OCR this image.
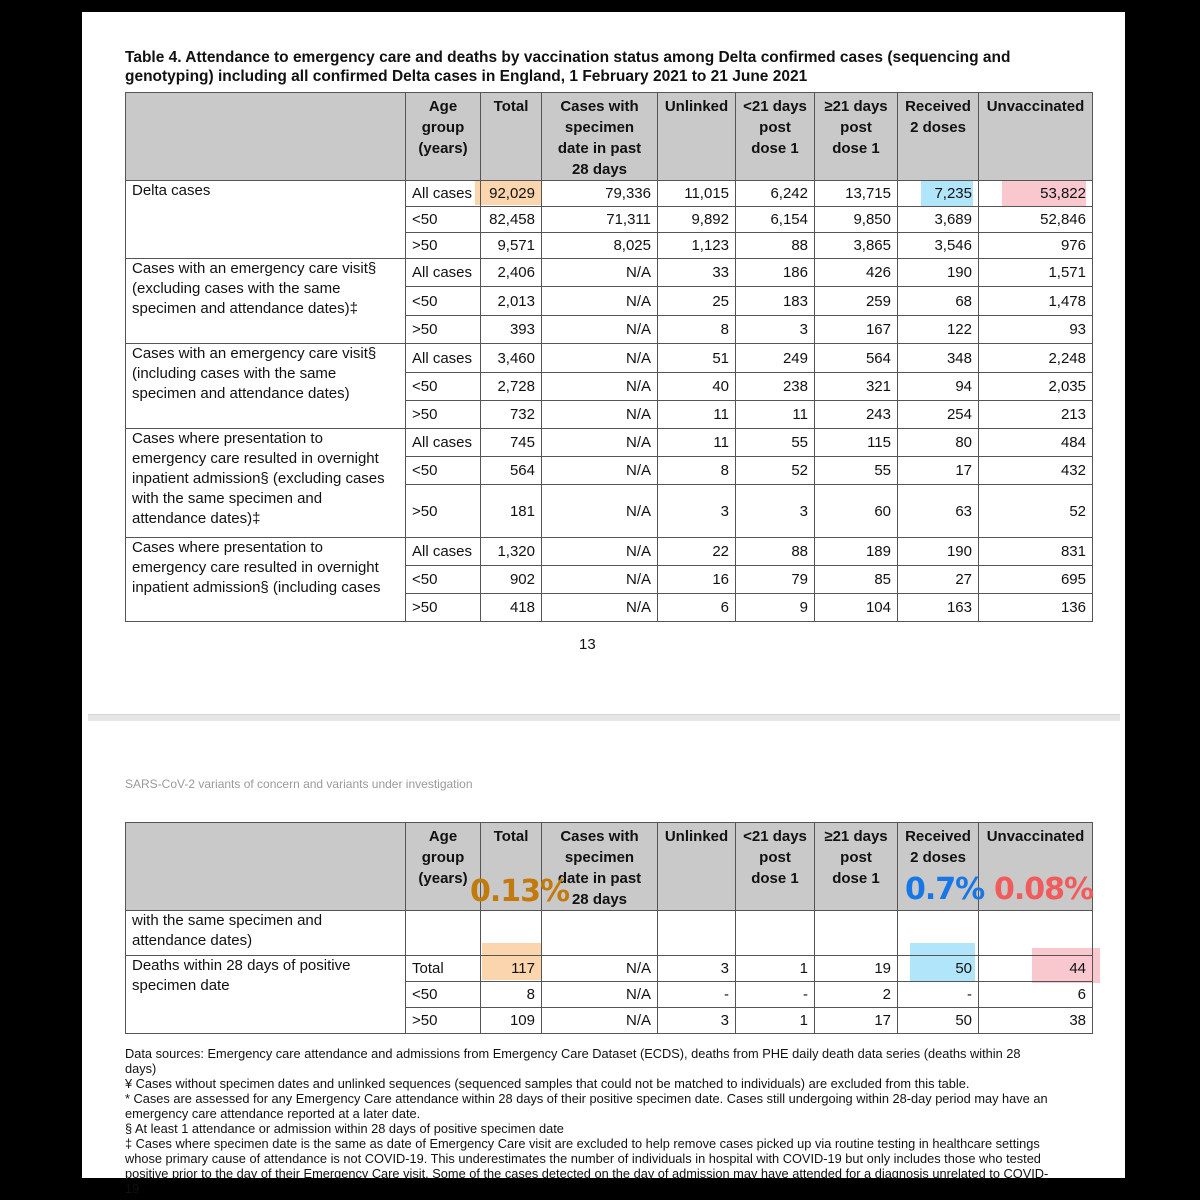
Table 4. Attendance to emergency care and deaths by vaccination status among Delta confirmed cases (sequencing and genotyping) including all confirmed Delta cases in England, 1 February 2021 to 21 June 2021
	Age group (years)	Total	Cases with specimen date in past 28 days	Unlinked	<21 days post dose 1	≥21 days post dose 1	Received 2 doses	Unvaccinated
Delta cases	All cases	92,029	79,336	11,015	6,242	13,715	7,235	53,822
	<50	82,458	71,311	9,892	6,154	9,850	3,689	52,846
	>50	9,571	8,025	1,123	88	3,865	3,546	976
Cases with an emergency care visit§ (excluding cases with the same specimen and attendance dates)‡	All cases	2,406	N/A	33	186	426	190	1,571
	<50	2,013	N/A	25	183	259	68	1,478
	>50	393	N/A	8	3	167	122	93
Cases with an emergency care visit§ (including cases with the same specimen and attendance dates)	All cases	3,460	N/A	51	249	564	348	2,248
	<50	2,728	N/A	40	238	321	94	2,035
	>50	732	N/A	11	11	243	254	213
Cases where presentation to emergency care resulted in overnight inpatient admission§ (excluding cases with the same specimen and attendance dates)‡	All cases	745	N/A	11	55	115	80	484
	<50	564	N/A	8	52	55	17	432
	>50	181	N/A	3	3	60	63	52
Cases where presentation to emergency care resulted in overnight inpatient admission§ (including cases	All cases	1,320	N/A	22	88	189	190	831
	<50	902	N/A	16	79	85	27	695
	>50	418	N/A	6	9	104	163	136
13
SARS-CoV-2 variants of concern and variants under investigation
	Age group (years)	Total	Cases with specimen date in past 28 days	Unlinked	<21 days post dose 1	≥21 days post dose 1	Received 2 doses	Unvaccinated
with the same specimen and attendance dates)								
Deaths within 28 days of positive specimen date	Total	117	N/A	3	1	19	50	44
	<50	8	N/A	-	-	2	-	6
	>50	109	N/A	3	1	17	50	38
Data sources: Emergency care attendance and admissions from Emergency Care Dataset (ECDS), deaths from PHE daily death data series (deaths within 28 days)
¥ Cases without specimen dates and unlinked sequences (sequenced samples that could not be matched to individuals) are excluded from this table.
* Cases are assessed for any Emergency Care attendance within 28 days of their positive specimen date. Cases still undergoing within 28-day period may have an emergency care attendance reported at a later date.
§ At least 1 attendance or admission within 28 days of positive specimen date
‡ Cases where specimen date is the same as date of Emergency Care visit are excluded to help remove cases picked up via routine testing in healthcare settings whose primary cause of attendance is not COVID-19. This underestimates the number of individuals in hospital with COVID-19 but only includes those who tested positive prior to the day of their Emergency Care visit. Some of the cases detected on the day of admission may have attended for a diagnosis unrelated to COVID-19
0.13%	0.7% 0.08%
